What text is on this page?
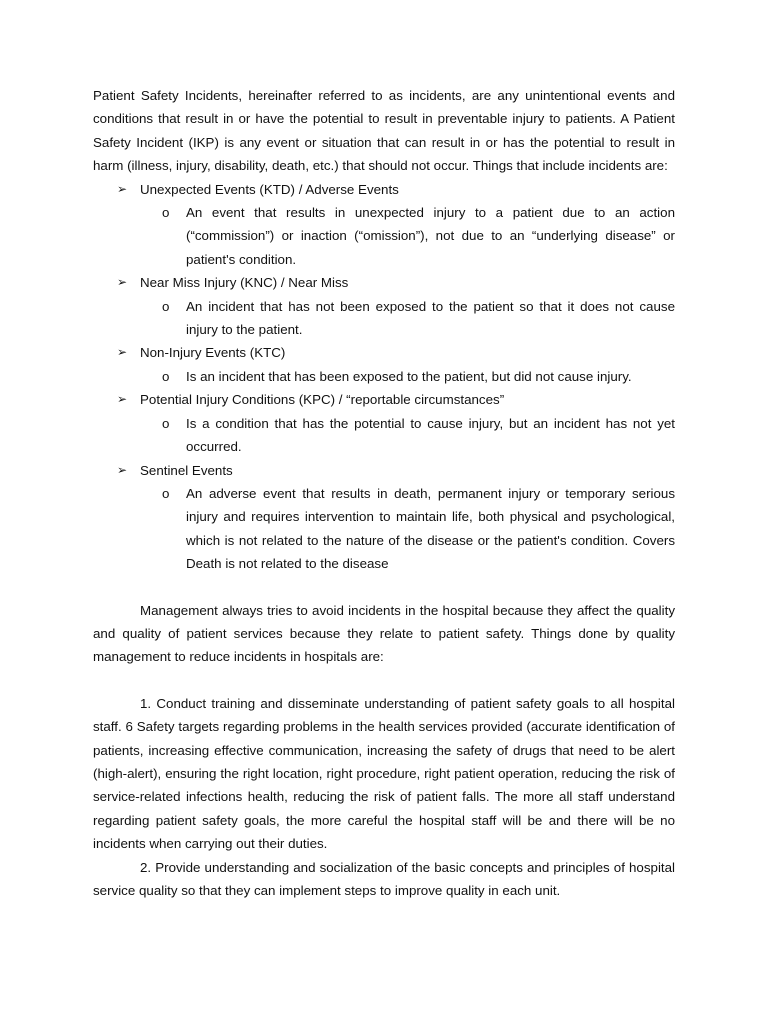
Patient Safety Incidents, hereinafter referred to as incidents, are any unintentional events and conditions that result in or have the potential to result in preventable injury to patients. A Patient Safety Incident (IKP) is any event or situation that can result in or has the potential to result in harm (illness, injury, disability, death, etc.) that should not occur. Things that include incidents are:

➢ Unexpected Events (KTD) / Adverse Events
o	An event that results in unexpected injury to a patient due to an action (“commission”) or inaction (“omission”), not due to an “underlying disease” or patient's condition.
➢ Near Miss Injury (KNC) / Near Miss
o	An incident that has not been exposed to the patient so that it does not cause injury to the patient.
➢ Non-Injury Events (KTC)
o	Is an incident that has been exposed to the patient, but did not cause injury.
➢ Potential Injury Conditions (KPC) / “reportable circumstances”
o	Is a condition that has the potential to cause injury, but an incident has not yet occurred.
➢ Sentinel Events
o	An adverse event that results in death, permanent injury or temporary serious injury and requires intervention to maintain life, both physical and psychological, which is not related to the nature of the disease or the patient's condition. Covers Death is not related to the disease

Management always tries to avoid incidents in the hospital because they affect the quality and quality of patient services because they relate to patient safety. Things done by quality management to reduce incidents in hospitals are:

1. Conduct training and disseminate understanding of patient safety goals to all hospital staff. 6 Safety targets regarding problems in the health services provided (accurate identification of patients, increasing effective communication, increasing the safety of drugs that need to be alert (high-alert), ensuring the right location, right procedure, right patient operation, reducing the risk of service-related infections health, reducing the risk of patient falls. The more all staff understand regarding patient safety goals, the more careful the hospital staff will be and there will be no incidents when carrying out their duties.

2. Provide understanding and socialization of the basic concepts and principles of hospital service quality so that they can implement steps to improve quality in each unit.
